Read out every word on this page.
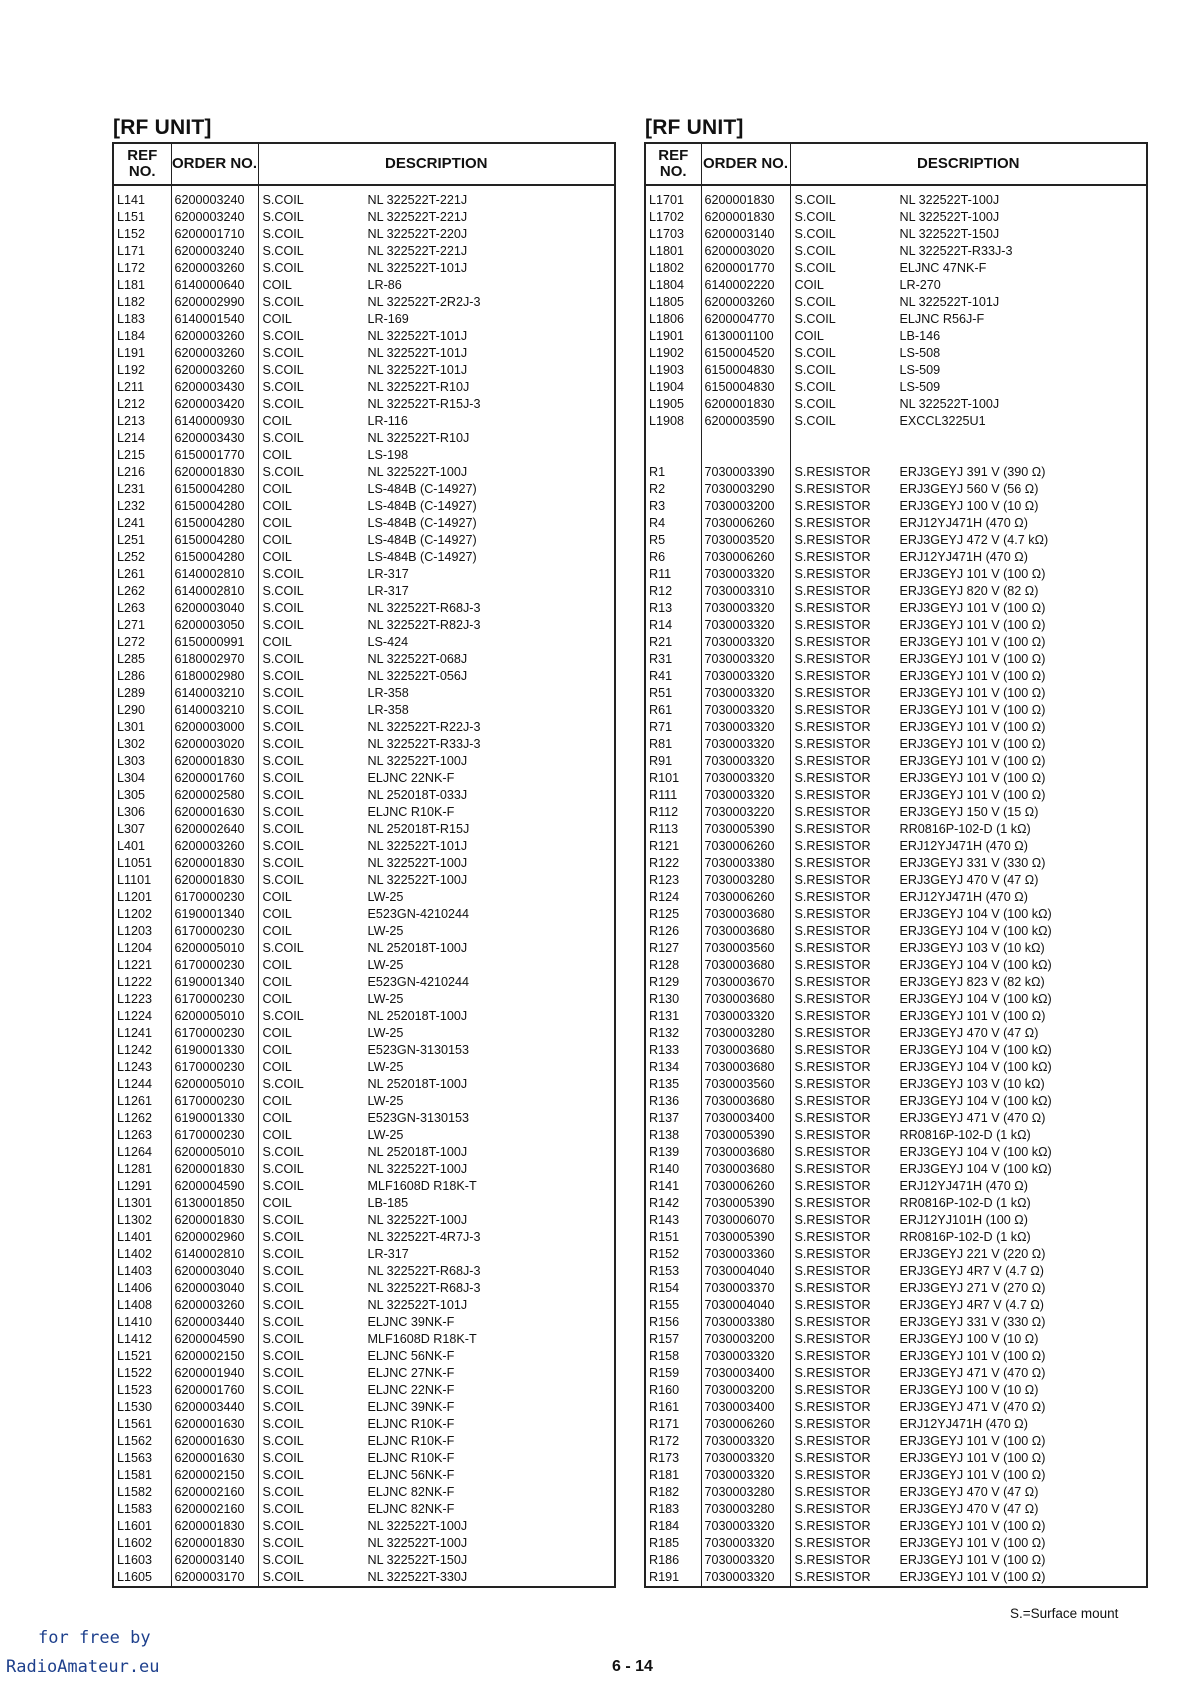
[RF UNIT]
REF NO.	ORDER NO.	DESCRIPTION

L141	6200003240	S.COIL NL 322522T-221J
L151	6200003240	S.COIL NL 322522T-221J
L152	6200001710	S.COIL NL 322522T-220J
L171	6200003240	S.COIL NL 322522T-221J
L172	6200003260	S.COIL NL 322522T-101J
L181	6140000640	COIL LR-86
L182	6200002990	S.COIL NL 322522T-2R2J-3
L183	6140001540	COIL LR-169
L184	6200003260	S.COIL NL 322522T-101J
L191	6200003260	S.COIL NL 322522T-101J
L192	6200003260	S.COIL NL 322522T-101J
L211	6200003430	S.COIL NL 322522T-R10J
L212	6200003420	S.COIL NL 322522T-R15J-3
L213	6140000930	COIL LR-116
L214	6200003430	S.COIL NL 322522T-R10J
L215	6150001770	COIL LS-198
L216	6200001830	S.COIL NL 322522T-100J
L231	6150004280	COIL LS-484B (C-14927)
L232	6150004280	COIL LS-484B (C-14927)
L241	6150004280	COIL LS-484B (C-14927)
L251	6150004280	COIL LS-484B (C-14927)
L252	6150004280	COIL LS-484B (C-14927)
L261	6140002810	S.COIL LR-317
L262	6140002810	S.COIL LR-317
L263	6200003040	S.COIL NL 322522T-R68J-3
L271	6200003050	S.COIL NL 322522T-R82J-3
L272	6150000991	COIL LS-424
L285	6180002970	S.COIL NL 322522T-068J
L286	6180002980	S.COIL NL 322522T-056J
L289	6140003210	S.COIL LR-358
L290	6140003210	S.COIL LR-358
L301	6200003000	S.COIL NL 322522T-R22J-3
L302	6200003020	S.COIL NL 322522T-R33J-3
L303	6200001830	S.COIL NL 322522T-100J
L304	6200001760	S.COIL ELJNC 22NK-F
L305	6200002580	S.COIL NL 252018T-033J
L306	6200001630	S.COIL ELJNC R10K-F
L307	6200002640	S.COIL NL 252018T-R15J
L401	6200003260	S.COIL NL 322522T-101J
L1051	6200001830	S.COIL NL 322522T-100J
L1101	6200001830	S.COIL NL 322522T-100J
L1201	6170000230	COIL LW-25
L1202	6190001340	COIL E523GN-4210244
L1203	6170000230	COIL LW-25
L1204	6200005010	S.COIL NL 252018T-100J
L1221	6170000230	COIL LW-25
L1222	6190001340	COIL E523GN-4210244
L1223	6170000230	COIL LW-25
L1224	6200005010	S.COIL NL 252018T-100J
L1241	6170000230	COIL LW-25
L1242	6190001330	COIL E523GN-3130153
L1243	6170000230	COIL LW-25
L1244	6200005010	S.COIL NL 252018T-100J
L1261	6170000230	COIL LW-25
L1262	6190001330	COIL E523GN-3130153
L1263	6170000230	COIL LW-25
L1264	6200005010	S.COIL NL 252018T-100J
L1281	6200001830	S.COIL NL 322522T-100J
L1291	6200004590	S.COIL MLF1608D R18K-T
L1301	6130001850	COIL LB-185
L1302	6200001830	S.COIL NL 322522T-100J
L1401	6200002960	S.COIL NL 322522T-4R7J-3
L1402	6140002810	S.COIL LR-317
L1403	6200003040	S.COIL NL 322522T-R68J-3
L1406	6200003040	S.COIL NL 322522T-R68J-3
L1408	6200003260	S.COIL NL 322522T-101J
L1410	6200003440	S.COIL ELJNC 39NK-F
L1412	6200004590	S.COIL MLF1608D R18K-T
L1521	6200002150	S.COIL ELJNC 56NK-F
L1522	6200001940	S.COIL ELJNC 27NK-F
L1523	6200001760	S.COIL ELJNC 22NK-F
L1530	6200003440	S.COIL ELJNC 39NK-F
L1561	6200001630	S.COIL ELJNC R10K-F
L1562	6200001630	S.COIL ELJNC R10K-F
L1563	6200001630	S.COIL ELJNC R10K-F
L1581	6200002150	S.COIL ELJNC 56NK-F
L1582	6200002160	S.COIL ELJNC 82NK-F
L1583	6200002160	S.COIL ELJNC 82NK-F
L1601	6200001830	S.COIL NL 322522T-100J
L1602	6200001830	S.COIL NL 322522T-100J
L1603	6200003140	S.COIL NL 322522T-150J
L1605	6200003170	S.COIL NL 322522T-330J
[RF UNIT]
REF NO.	ORDER NO.	DESCRIPTION

L1701	6200001830	S.COIL NL 322522T-100J
L1702	6200001830	S.COIL NL 322522T-100J
L1703	6200003140	S.COIL NL 322522T-150J
L1801	6200003020	S.COIL NL 322522T-R33J-3
L1802	6200001770	S.COIL ELJNC 47NK-F
L1804	6140002220	COIL LR-270
L1805	6200003260	S.COIL NL 322522T-101J
L1806	6200004770	S.COIL ELJNC R56J-F
L1901	6130001100	COIL LB-146
L1902	6150004520	S.COIL LS-508
L1903	6150004830	S.COIL LS-509
L1904	6150004830	S.COIL LS-509
L1905	6200001830	S.COIL NL 322522T-100J
L1908	6200003590	S.COIL EXCCL3225U1

R1	7030003390	S.RESISTOR ERJ3GEYJ 391 V (390 Ω)
R2	7030003290	S.RESISTOR ERJ3GEYJ 560 V (56 Ω)
R3	7030003200	S.RESISTOR ERJ3GEYJ 100 V (10 Ω)
R4	7030006260	S.RESISTOR ERJ12YJ471H (470 Ω)
R5	7030003520	S.RESISTOR ERJ3GEYJ 472 V (4.7 kΩ)
R6	7030006260	S.RESISTOR ERJ12YJ471H (470 Ω)
R11	7030003320	S.RESISTOR ERJ3GEYJ 101 V (100 Ω)
R12	7030003310	S.RESISTOR ERJ3GEYJ 820 V (82 Ω)
R13	7030003320	S.RESISTOR ERJ3GEYJ 101 V (100 Ω)
R14	7030003320	S.RESISTOR ERJ3GEYJ 101 V (100 Ω)
R21	7030003320	S.RESISTOR ERJ3GEYJ 101 V (100 Ω)
R31	7030003320	S.RESISTOR ERJ3GEYJ 101 V (100 Ω)
R41	7030003320	S.RESISTOR ERJ3GEYJ 101 V (100 Ω)
R51	7030003320	S.RESISTOR ERJ3GEYJ 101 V (100 Ω)
R61	7030003320	S.RESISTOR ERJ3GEYJ 101 V (100 Ω)
R71	7030003320	S.RESISTOR ERJ3GEYJ 101 V (100 Ω)
R81	7030003320	S.RESISTOR ERJ3GEYJ 101 V (100 Ω)
R91	7030003320	S.RESISTOR ERJ3GEYJ 101 V (100 Ω)
R101	7030003320	S.RESISTOR ERJ3GEYJ 101 V (100 Ω)
R111	7030003320	S.RESISTOR ERJ3GEYJ 101 V (100 Ω)
R112	7030003220	S.RESISTOR ERJ3GEYJ 150 V (15 Ω)
R113	7030005390	S.RESISTOR RR0816P-102-D (1 kΩ)
R121	7030006260	S.RESISTOR ERJ12YJ471H (470 Ω)
R122	7030003380	S.RESISTOR ERJ3GEYJ 331 V (330 Ω)
R123	7030003280	S.RESISTOR ERJ3GEYJ 470 V (47 Ω)
R124	7030006260	S.RESISTOR ERJ12YJ471H (470 Ω)
R125	7030003680	S.RESISTOR ERJ3GEYJ 104 V (100 kΩ)
R126	7030003680	S.RESISTOR ERJ3GEYJ 104 V (100 kΩ)
R127	7030003560	S.RESISTOR ERJ3GEYJ 103 V (10 kΩ)
R128	7030003680	S.RESISTOR ERJ3GEYJ 104 V (100 kΩ)
R129	7030003670	S.RESISTOR ERJ3GEYJ 823 V (82 kΩ)
R130	7030003680	S.RESISTOR ERJ3GEYJ 104 V (100 kΩ)
R131	7030003320	S.RESISTOR ERJ3GEYJ 101 V (100 Ω)
R132	7030003280	S.RESISTOR ERJ3GEYJ 470 V (47 Ω)
R133	7030003680	S.RESISTOR ERJ3GEYJ 104 V (100 kΩ)
R134	7030003680	S.RESISTOR ERJ3GEYJ 104 V (100 kΩ)
R135	7030003560	S.RESISTOR ERJ3GEYJ 103 V (10 kΩ)
R136	7030003680	S.RESISTOR ERJ3GEYJ 104 V (100 kΩ)
R137	7030003400	S.RESISTOR ERJ3GEYJ 471 V (470 Ω)
R138	7030005390	S.RESISTOR RR0816P-102-D (1 kΩ)
R139	7030003680	S.RESISTOR ERJ3GEYJ 104 V (100 kΩ)
R140	7030003680	S.RESISTOR ERJ3GEYJ 104 V (100 kΩ)
R141	7030006260	S.RESISTOR ERJ12YJ471H (470 Ω)
R142	7030005390	S.RESISTOR RR0816P-102-D (1 kΩ)
R143	7030006070	S.RESISTOR ERJ12YJ101H (100 Ω)
R151	7030005390	S.RESISTOR RR0816P-102-D (1 kΩ)
R152	7030003360	S.RESISTOR ERJ3GEYJ 221 V (220 Ω)
R153	7030004040	S.RESISTOR ERJ3GEYJ 4R7 V (4.7 Ω)
R154	7030003370	S.RESISTOR ERJ3GEYJ 271 V (270 Ω)
R155	7030004040	S.RESISTOR ERJ3GEYJ 4R7 V (4.7 Ω)
R156	7030003380	S.RESISTOR ERJ3GEYJ 331 V (330 Ω)
R157	7030003200	S.RESISTOR ERJ3GEYJ 100 V (10 Ω)
R158	7030003320	S.RESISTOR ERJ3GEYJ 101 V (100 Ω)
R159	7030003400	S.RESISTOR ERJ3GEYJ 471 V (470 Ω)
R160	7030003200	S.RESISTOR ERJ3GEYJ 100 V (10 Ω)
R161	7030003400	S.RESISTOR ERJ3GEYJ 471 V (470 Ω)
R171	7030006260	S.RESISTOR ERJ12YJ471H (470 Ω)
R172	7030003320	S.RESISTOR ERJ3GEYJ 101 V (100 Ω)
R173	7030003320	S.RESISTOR ERJ3GEYJ 101 V (100 Ω)
R181	7030003320	S.RESISTOR ERJ3GEYJ 101 V (100 Ω)
R182	7030003280	S.RESISTOR ERJ3GEYJ 470 V (47 Ω)
R183	7030003280	S.RESISTOR ERJ3GEYJ 470 V (47 Ω)
R184	7030003320	S.RESISTOR ERJ3GEYJ 101 V (100 Ω)
R185	7030003320	S.RESISTOR ERJ3GEYJ 101 V (100 Ω)
R186	7030003320	S.RESISTOR ERJ3GEYJ 101 V (100 Ω)
R191	7030003320	S.RESISTOR ERJ3GEYJ 101 V (100 Ω)
S.=Surface mount
6 - 14
for free by
RadioAmateur.eu
